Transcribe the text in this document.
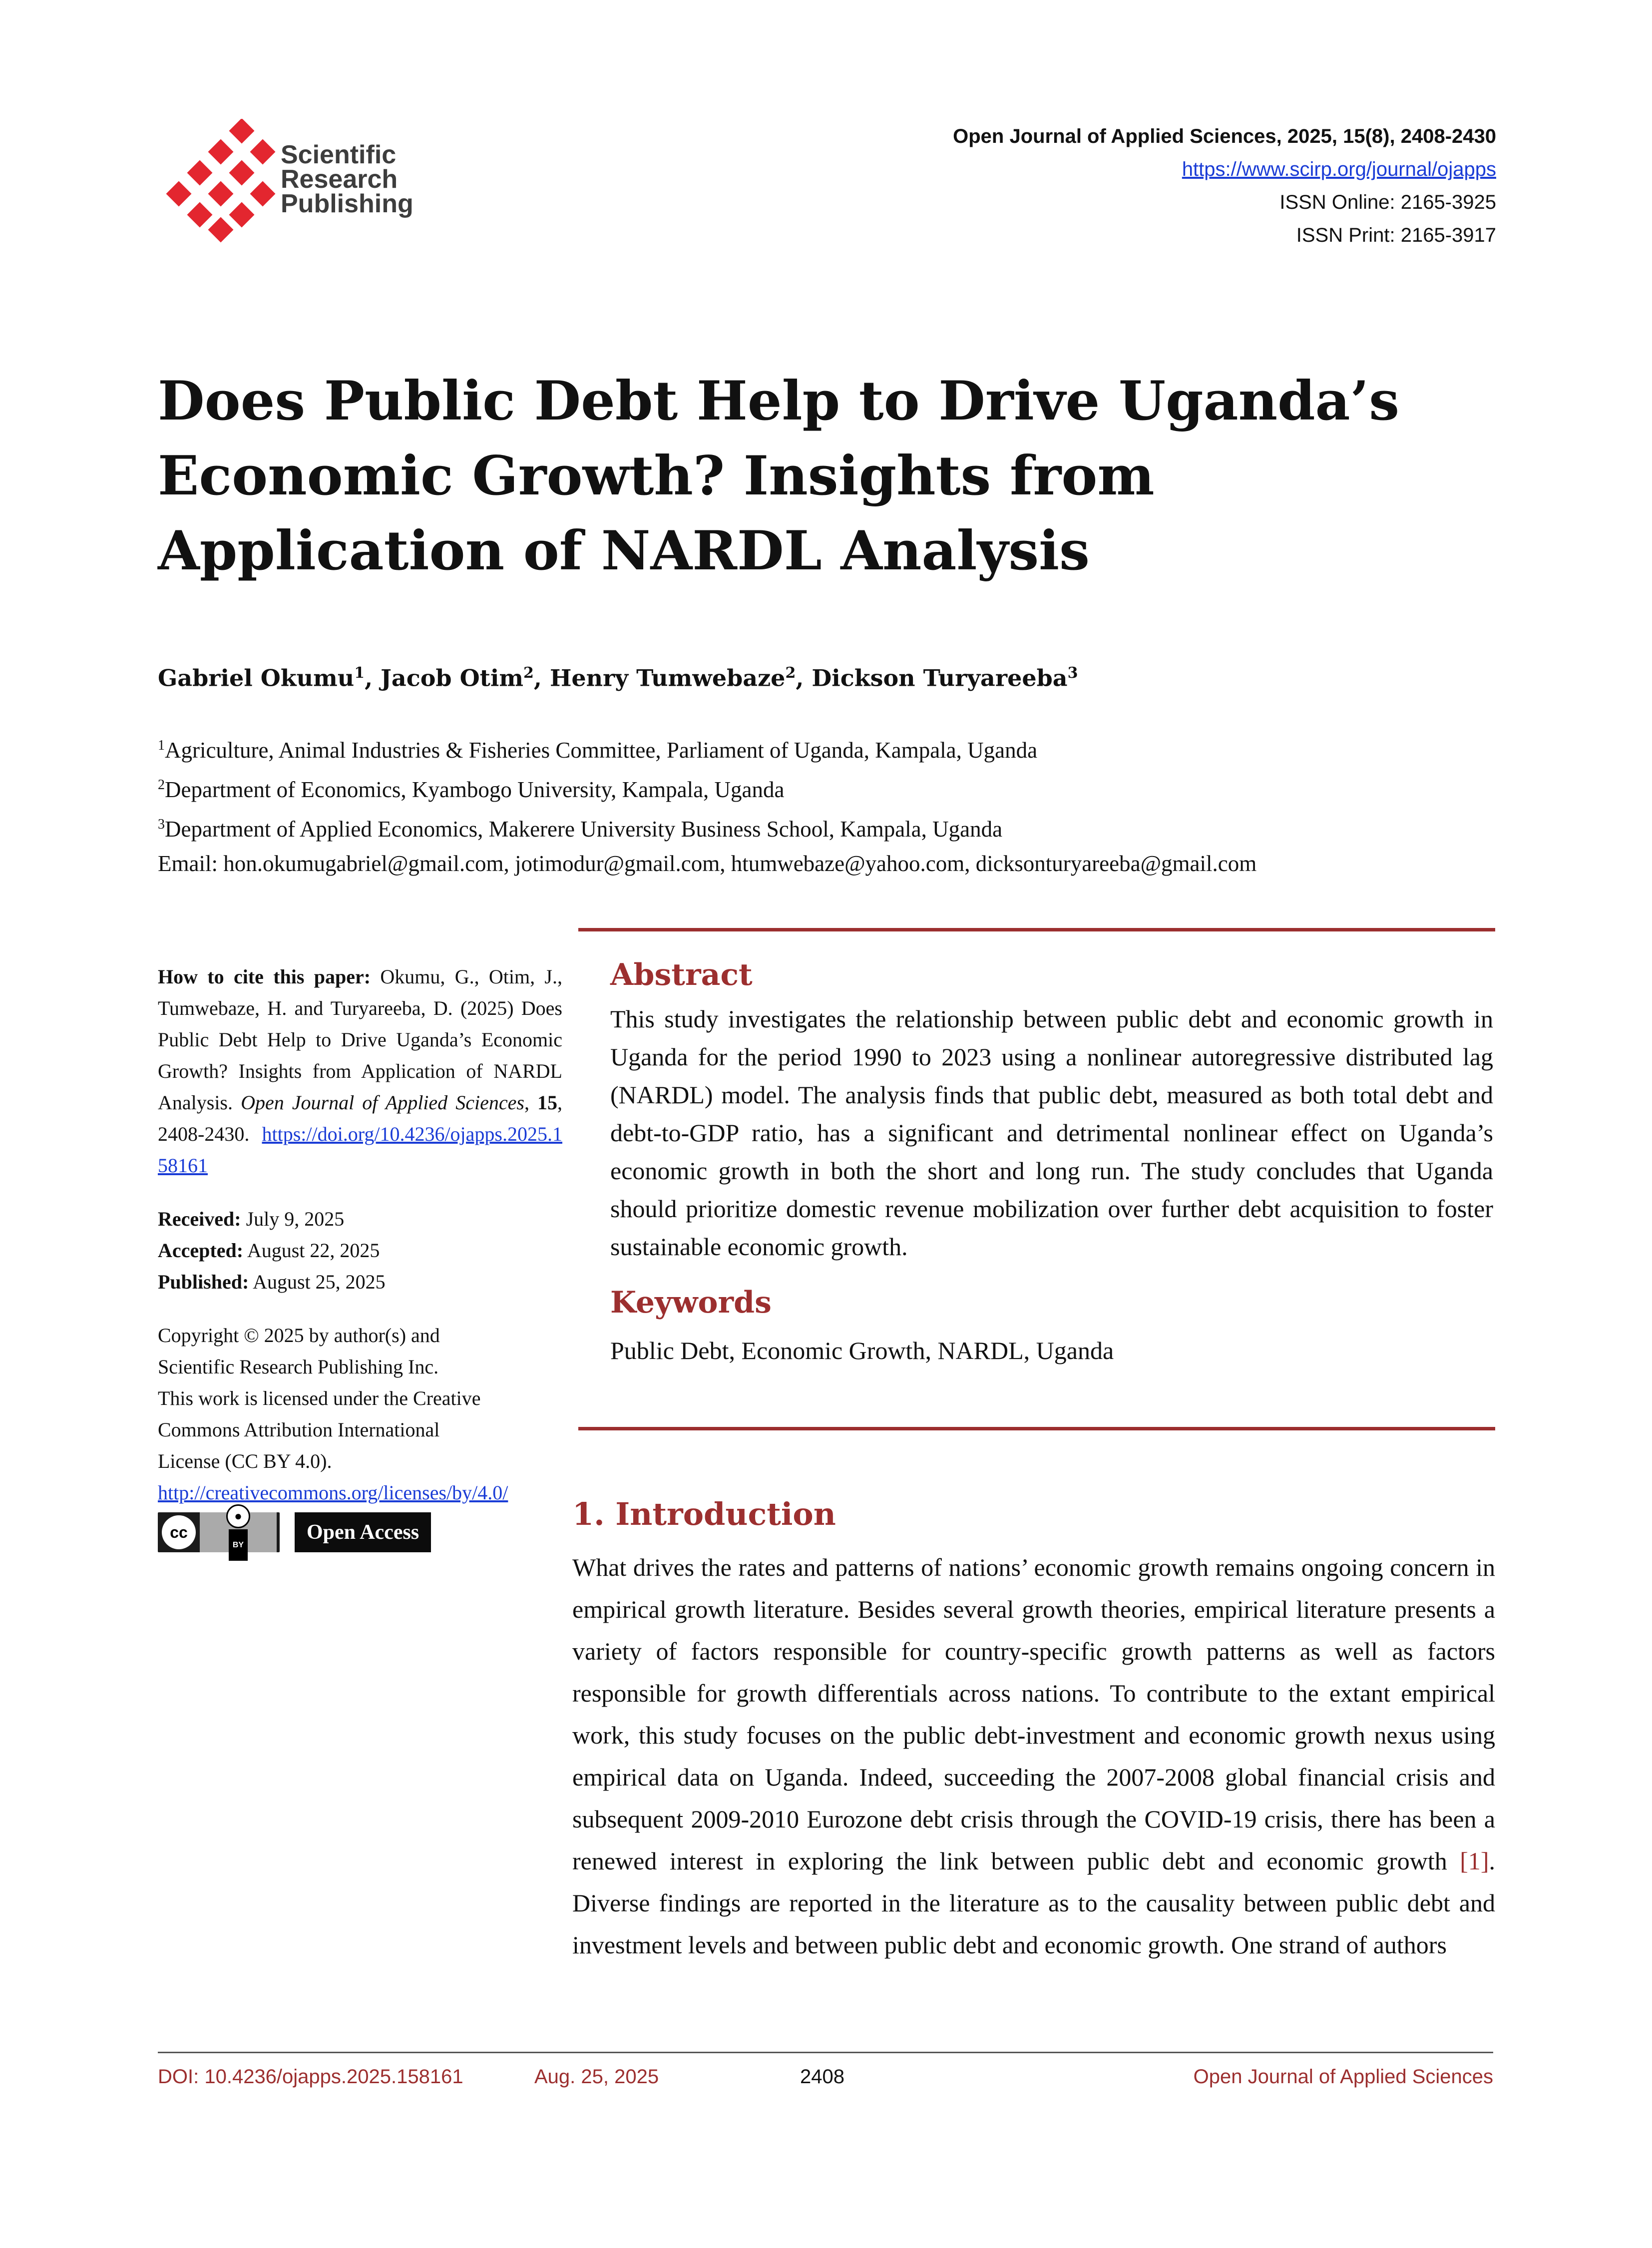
Scientific
Research
Publishing
Open Journal of Applied Sciences, 2025, 15(8), 2408-2430
https://www.scirp.org/journal/ojapps
ISSN Online: 2165-3925
ISSN Print: 2165-3917
Does Public Debt Help to Drive Uganda’s
Economic Growth? Insights from
Application of NARDL Analysis
Gabriel Okumu$^1$, Jacob Otim$^2$, Henry Tumwebaze$^2$, Dickson Turyareeba$^3$
$^1$Agriculture, Animal Industries & Fisheries Committee, Parliament of Uganda, Kampala, Uganda
$^2$Department of Economics, Kyambogo University, Kampala, Uganda
$^3$Department of Applied Economics, Makerere University Business School, Kampala, Uganda
Email: hon.okumugabriel@gmail.com, jotimodur@gmail.com, htumwebaze@yahoo.com, dicksonturyareeba@gmail.com
How to cite this paper: Okumu, G., Otim, J., Tumwebaze, H. and Turyareeba, D. (2025) Does Public Debt Help to Drive Uganda’s Economic Growth? Insights from Application of NARDL Analysis. Open Journal of Applied Sciences, 15, 2408-2430. https://doi.org/10.4236/ojapps.2025.158161
Received: July 9, 2025
Accepted: August 22, 2025
Published: August 25, 2025
Copyright © 2025 by author(s) and
Scientific Research Publishing Inc.
This work is licensed under the Creative
Commons Attribution International
License (CC BY 4.0).
http://creativecommons.org/licenses/by/4.0/
cc
●
BY
Open Access
Abstract
This study investigates the relationship between public debt and economic growth in Uganda for the period 1990 to 2023 using a nonlinear autoregressive distributed lag (NARDL) model. The analysis finds that public debt, measured as both total debt and debt-to-GDP ratio, has a significant and detrimental nonlinear effect on Uganda’s economic growth in both the short and long run. The study concludes that Uganda should prioritize domestic revenue mobilization over further debt acquisition to foster sustainable economic growth.
Keywords
Public Debt, Economic Growth, NARDL, Uganda
1. Introduction
What drives the rates and patterns of nations’ economic growth remains ongoing concern in empirical growth literature. Besides several growth theories, empirical literature presents a variety of factors responsible for country-specific growth patterns as well as factors responsible for growth differentials across nations. To contribute to the extant empirical work, this study focuses on the public debt-investment and economic growth nexus using empirical data on Uganda. Indeed, succeeding the 2007-2008 global financial crisis and subsequent 2009-2010 Eurozone debt crisis through the COVID-19 crisis, there has been a renewed interest in exploring the link between public debt and economic growth [1]. Diverse findings are reported in the literature as to the causality between public debt and investment levels and between public debt and economic growth. One strand of authors
DOI: 10.4236/ojapps.2025.158161	Aug. 25, 2025	2408	Open Journal of Applied Sciences
